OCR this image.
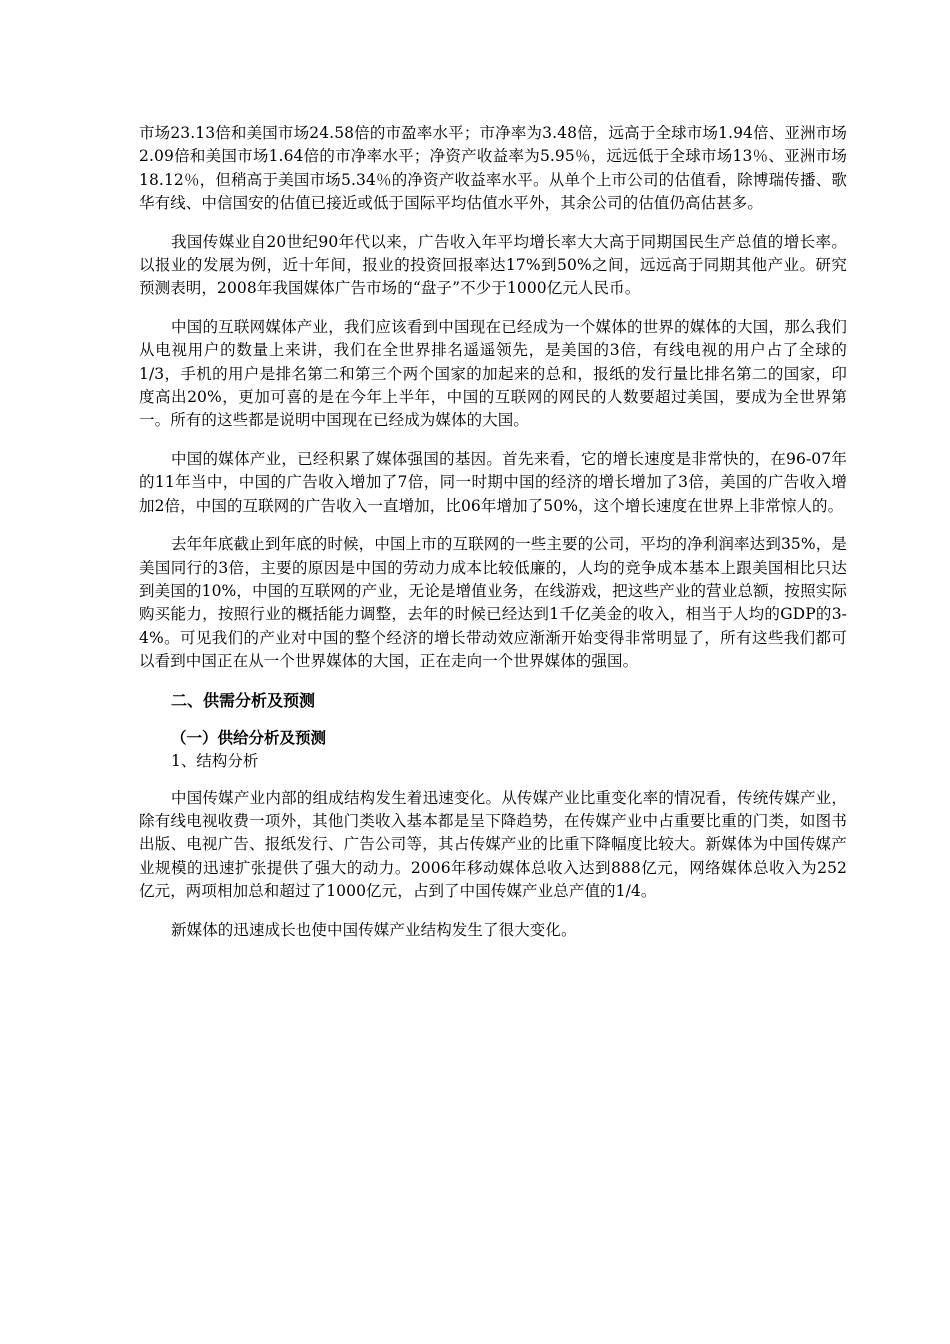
市场23.13倍和美国市场24.58倍的市盈率水平；市净率为3.48倍，远高于全球市场1.94倍、亚洲市场2.09倍和美国市场1.64倍的市净率水平；净资产收益率为5.95％，远远低于全球市场13％、亚洲市场18.12％，但稍高于美国市场5.34％的净资产收益率水平。从单个上市公司的估值看，除博瑞传播、歌华有线、中信国安的估值已接近或低于国际平均估值水平外，其余公司的估值仍高估甚多。

我国传媒业自20世纪90年代以来，广告收入年平均增长率大大高于同期国民生产总值的增长率。以报业的发展为例，近十年间，报业的投资回报率达17%到50%之间，远远高于同期其他产业。研究预测表明，2008年我国媒体广告市场的“盘子”不少于1000亿元人民币。

中国的互联网媒体产业，我们应该看到中国现在已经成为一个媒体的世界的媒体的大国，那么我们从电视用户的数量上来讲，我们在全世界排名遥遥领先，是美国的3倍，有线电视的用户占了全球的1/3，手机的用户是排名第二和第三个两个国家的加起来的总和，报纸的发行量比排名第二的国家，印度高出20%，更加可喜的是在今年上半年，中国的互联网的网民的人数要超过美国，要成为全世界第一。所有的这些都是说明中国现在已经成为媒体的大国。

中国的媒体产业，已经积累了媒体强国的基因。首先来看，它的增长速度是非常快的，在96-07年的11年当中，中国的广告收入增加了7倍，同一时期中国的经济的增长增加了3倍，美国的广告收入增加2倍，中国的互联网的广告收入一直增加，比06年增加了50%，这个增长速度在世界上非常惊人的。

去年年底截止到年底的时候，中国上市的互联网的一些主要的公司，平均的净利润率达到35%，是美国同行的3倍，主要的原因是中国的劳动力成本比较低廉的，人均的竞争成本基本上跟美国相比只达到美国的10%，中国的互联网的产业，无论是增值业务，在线游戏，把这些产业的营业总额，按照实际购买能力，按照行业的概括能力调整，去年的时候已经达到1千亿美金的收入，相当于人均的GDP的3-4%。可见我们的产业对中国的整个经济的增长带动效应渐渐开始变得非常明显了，所有这些我们都可以看到中国正在从一个世界媒体的大国，正在走向一个世界媒体的强国。

二、供需分析及预测
（一）供给分析及预测
1、结构分析

中国传媒产业内部的组成结构发生着迅速变化。从传媒产业比重变化率的情况看，传统传媒产业，除有线电视收费一项外，其他门类收入基本都是呈下降趋势，在传媒产业中占重要比重的门类，如图书出版、电视广告、报纸发行、广告公司等，其占传媒产业的比重下降幅度比较大。新媒体为中国传媒产业规模的迅速扩张提供了强大的动力。2006年移动媒体总收入达到888亿元，网络媒体总收入为252亿元，两项相加总和超过了1000亿元，占到了中国传媒产业总产值的1/4。

新媒体的迅速成长也使中国传媒产业结构发生了很大变化。
